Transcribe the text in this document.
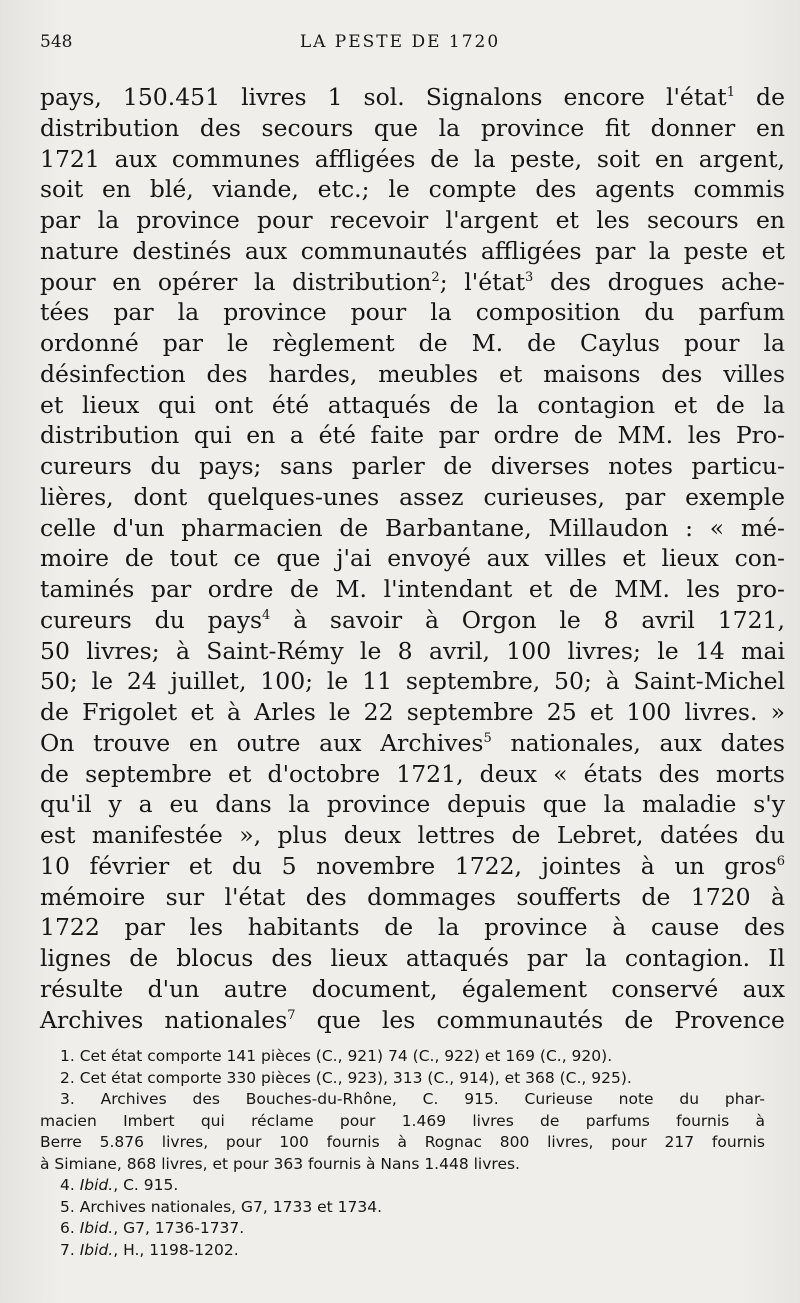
548	LA PESTE DE 1720
pays, 150.451 livres 1 sol. Signalons encore l'état$^1$ de
distribution des secours que la province fit donner en
1721 aux communes affligées de la peste, soit en argent,
soit en blé, viande, etc.; le compte des agents commis
par la province pour recevoir l'argent et les secours en
nature destinés aux communautés affligées par la peste et
pour en opérer la distribution$^2$; l'état$^3$ des drogues ache-
tées par la province pour la composition du parfum
ordonné par le règlement de M. de Caylus pour la
désinfection des hardes, meubles et maisons des villes
et lieux qui ont été attaqués de la contagion et de la
distribution qui en a été faite par ordre de MM. les Pro-
cureurs du pays; sans parler de diverses notes particu-
lières, dont quelques-unes assez curieuses, par exemple
celle d'un pharmacien de Barbantane, Millaudon : « mé-
moire de tout ce que j'ai envoyé aux villes et lieux con-
taminés par ordre de M. l'intendant et de MM. les pro-
cureurs du pays$^4$ à savoir à Orgon le 8 avril 1721,
50 livres; à Saint-Rémy le 8 avril, 100 livres; le 14 mai
50; le 24 juillet, 100; le 11 septembre, 50; à Saint-Michel
de Frigolet et à Arles le 22 septembre 25 et 100 livres. »
On trouve en outre aux Archives$^5$ nationales, aux dates
de septembre et d'octobre 1721, deux « états des morts
qu'il y a eu dans la province depuis que la maladie s'y
est manifestée », plus deux lettres de Lebret, datées du
10 février et du 5 novembre 1722, jointes à un gros$^6$
mémoire sur l'état des dommages soufferts de 1720 à
1722 par les habitants de la province à cause des
lignes de blocus des lieux attaqués par la contagion. Il
résulte d'un autre document, également conservé aux
Archives nationales$^7$ que les communautés de Provence
1. Cet état comporte 141 pièces (C., 921) 74 (C., 922) et 169 (C., 920).
2. Cet état comporte 330 pièces (C., 923), 313 (C., 914), et 368 (C., 925).
3. Archives des Bouches-du-Rhône, C. 915. Curieuse note du phar-
macien Imbert qui réclame pour 1.469 livres de parfums fournis à
Berre 5.876 livres, pour 100 fournis à Rognac 800 livres, pour 217 fournis
à Simiane, 868 livres, et pour 363 fournis à Nans 1.448 livres.
4. Ibid., C. 915.
5. Archives nationales, G7, 1733 et 1734.
6. Ibid., G7, 1736-1737.
7. Ibid., H., 1198-1202.
